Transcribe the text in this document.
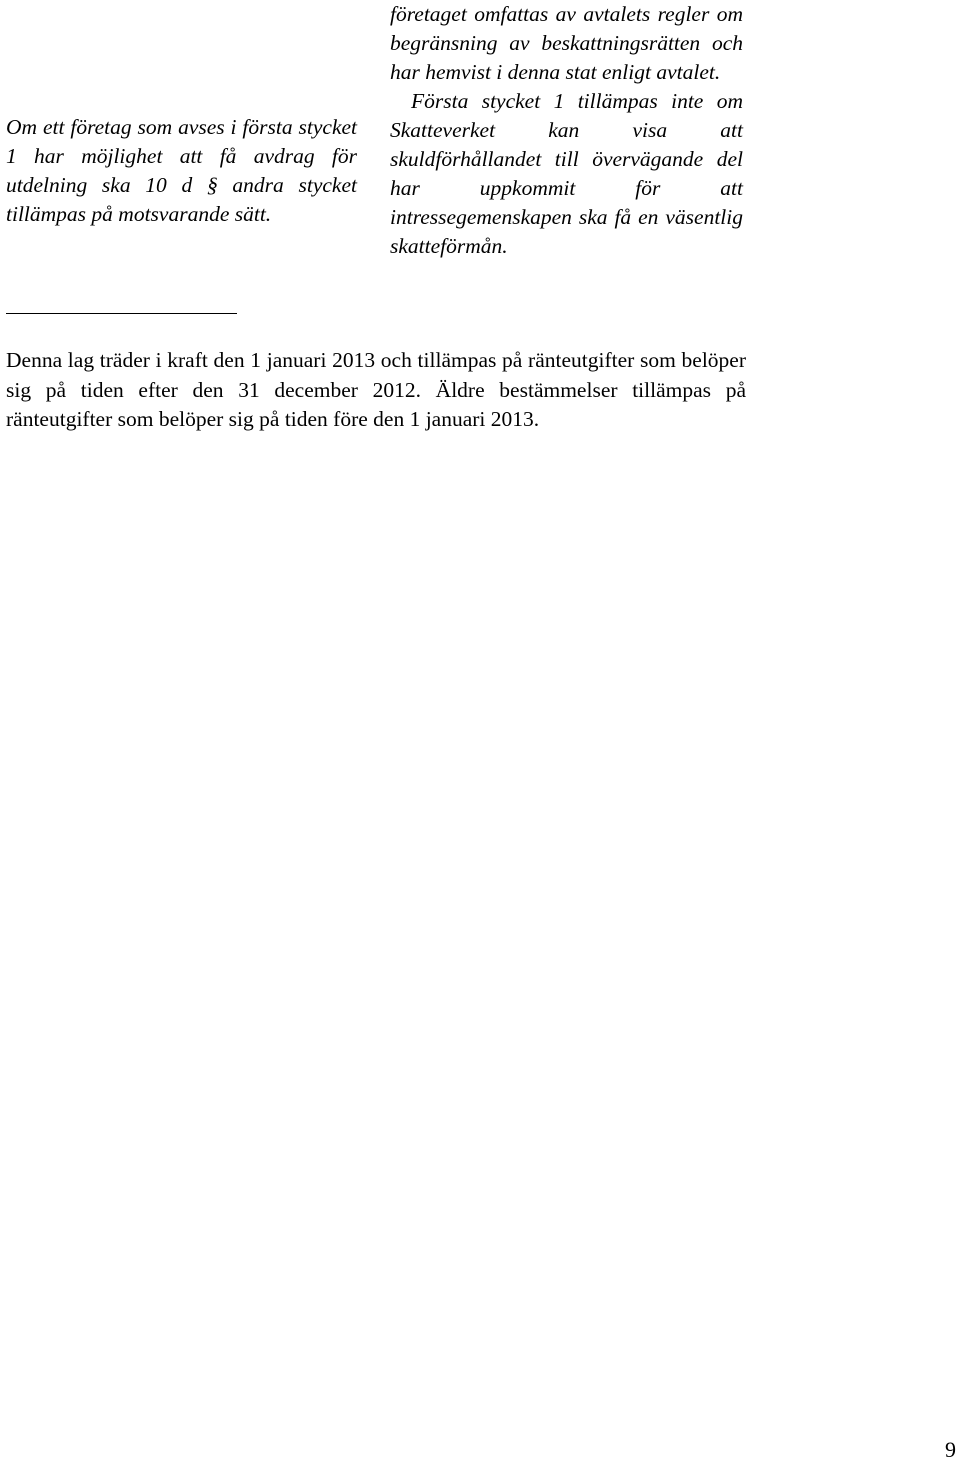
Om ett företag som avses i första stycket 1 har möjlighet att få avdrag för utdelning ska 10 d § andra stycket tillämpas på motsvarande sätt.

företaget omfattas av avtalets regler om begränsning av beskattningsrätten och har hemvist i denna stat enligt avtalet.

Första stycket 1 tillämpas inte om Skatteverket kan visa att skuldförhållandet till övervägande del har uppkommit för att intressegemenskapen ska få en väsentlig skatteförmån.

Denna lag träder i kraft den 1 januari 2013 och tillämpas på ränteutgifter som belöper sig på tiden efter den 31 december 2012. Äldre bestämmelser tillämpas på ränteutgifter som belöper sig på tiden före den 1 januari 2013.

9
